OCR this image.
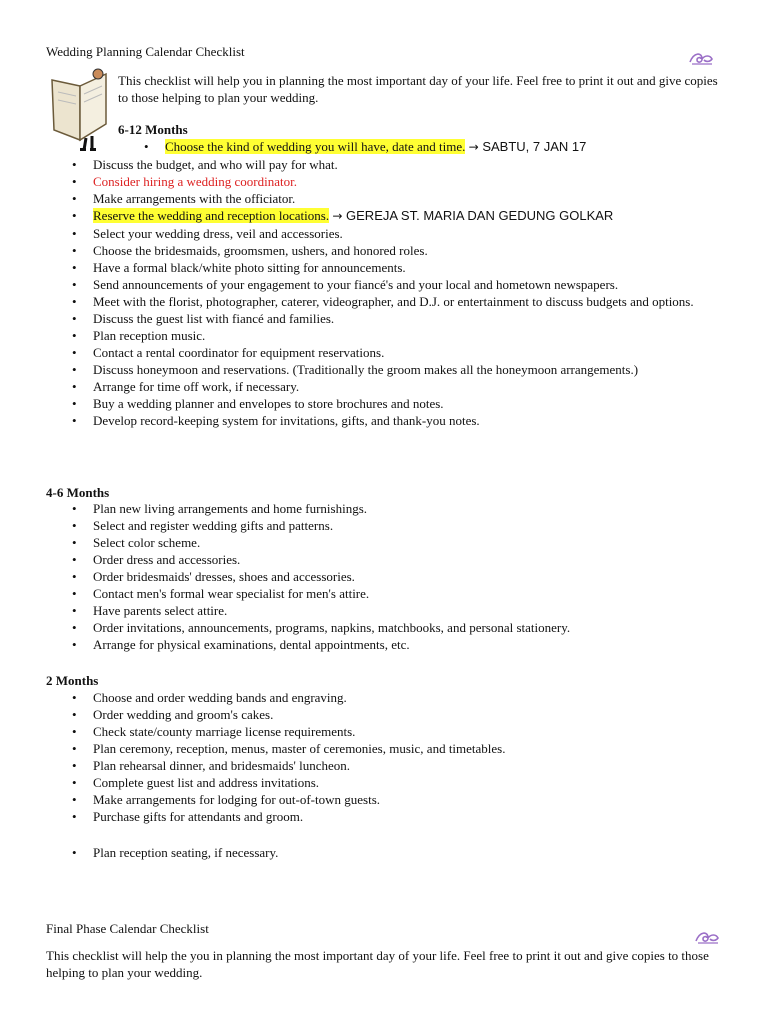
Wedding Planning Calendar Checklist
This checklist will help you in planning the most important day of your life. Feel free to print it out and give copies to those helping to plan your wedding.
6-12 Months
• Choose the kind of wedding you will have, date and time. → SABTU, 7 JAN 17
• Discuss the budget, and who will pay for what.
• Consider hiring a wedding coordinator.
• Make arrangements with the officiator.
• Reserve the wedding and reception locations. → GEREJA ST. MARIA DAN GEDUNG GOLKAR
• Select your wedding dress, veil and accessories.
• Choose the bridesmaids, groomsmen, ushers, and honored roles.
• Have a formal black/white photo sitting for announcements.
• Send announcements of your engagement to your fiancé's and your local and hometown newspapers.
• Meet with the florist, photographer, caterer, videographer, and D.J. or entertainment to discuss budgets and options.
• Discuss the guest list with fiancé and families.
• Plan reception music.
• Contact a rental coordinator for equipment reservations.
• Discuss honeymoon and reservations. (Traditionally the groom makes all the honeymoon arrangements.)
• Arrange for time off work, if necessary.
• Buy a wedding planner and envelopes to store brochures and notes.
• Develop record-keeping system for invitations, gifts, and thank-you notes.
4-6 Months
• Plan new living arrangements and home furnishings.
• Select and register wedding gifts and patterns.
• Select color scheme.
• Order dress and accessories.
• Order bridesmaids' dresses, shoes and accessories.
• Contact men's formal wear specialist for men's attire.
• Have parents select attire.
• Order invitations, announcements, programs, napkins, matchbooks, and personal stationery.
• Arrange for physical examinations, dental appointments, etc.
2 Months
• Choose and order wedding bands and engraving.
• Order wedding and groom's cakes.
• Check state/county marriage license requirements.
• Plan ceremony, reception, menus, master of ceremonies, music, and timetables.
• Plan rehearsal dinner, and bridesmaids' luncheon.
• Complete guest list and address invitations.
• Make arrangements for lodging for out-of-town guests.
• Purchase gifts for attendants and groom.
• Plan reception seating, if necessary.
Final Phase Calendar Checklist
This checklist will help the you in planning the most important day of your life. Feel free to print it out and give copies to those helping to plan your wedding.
